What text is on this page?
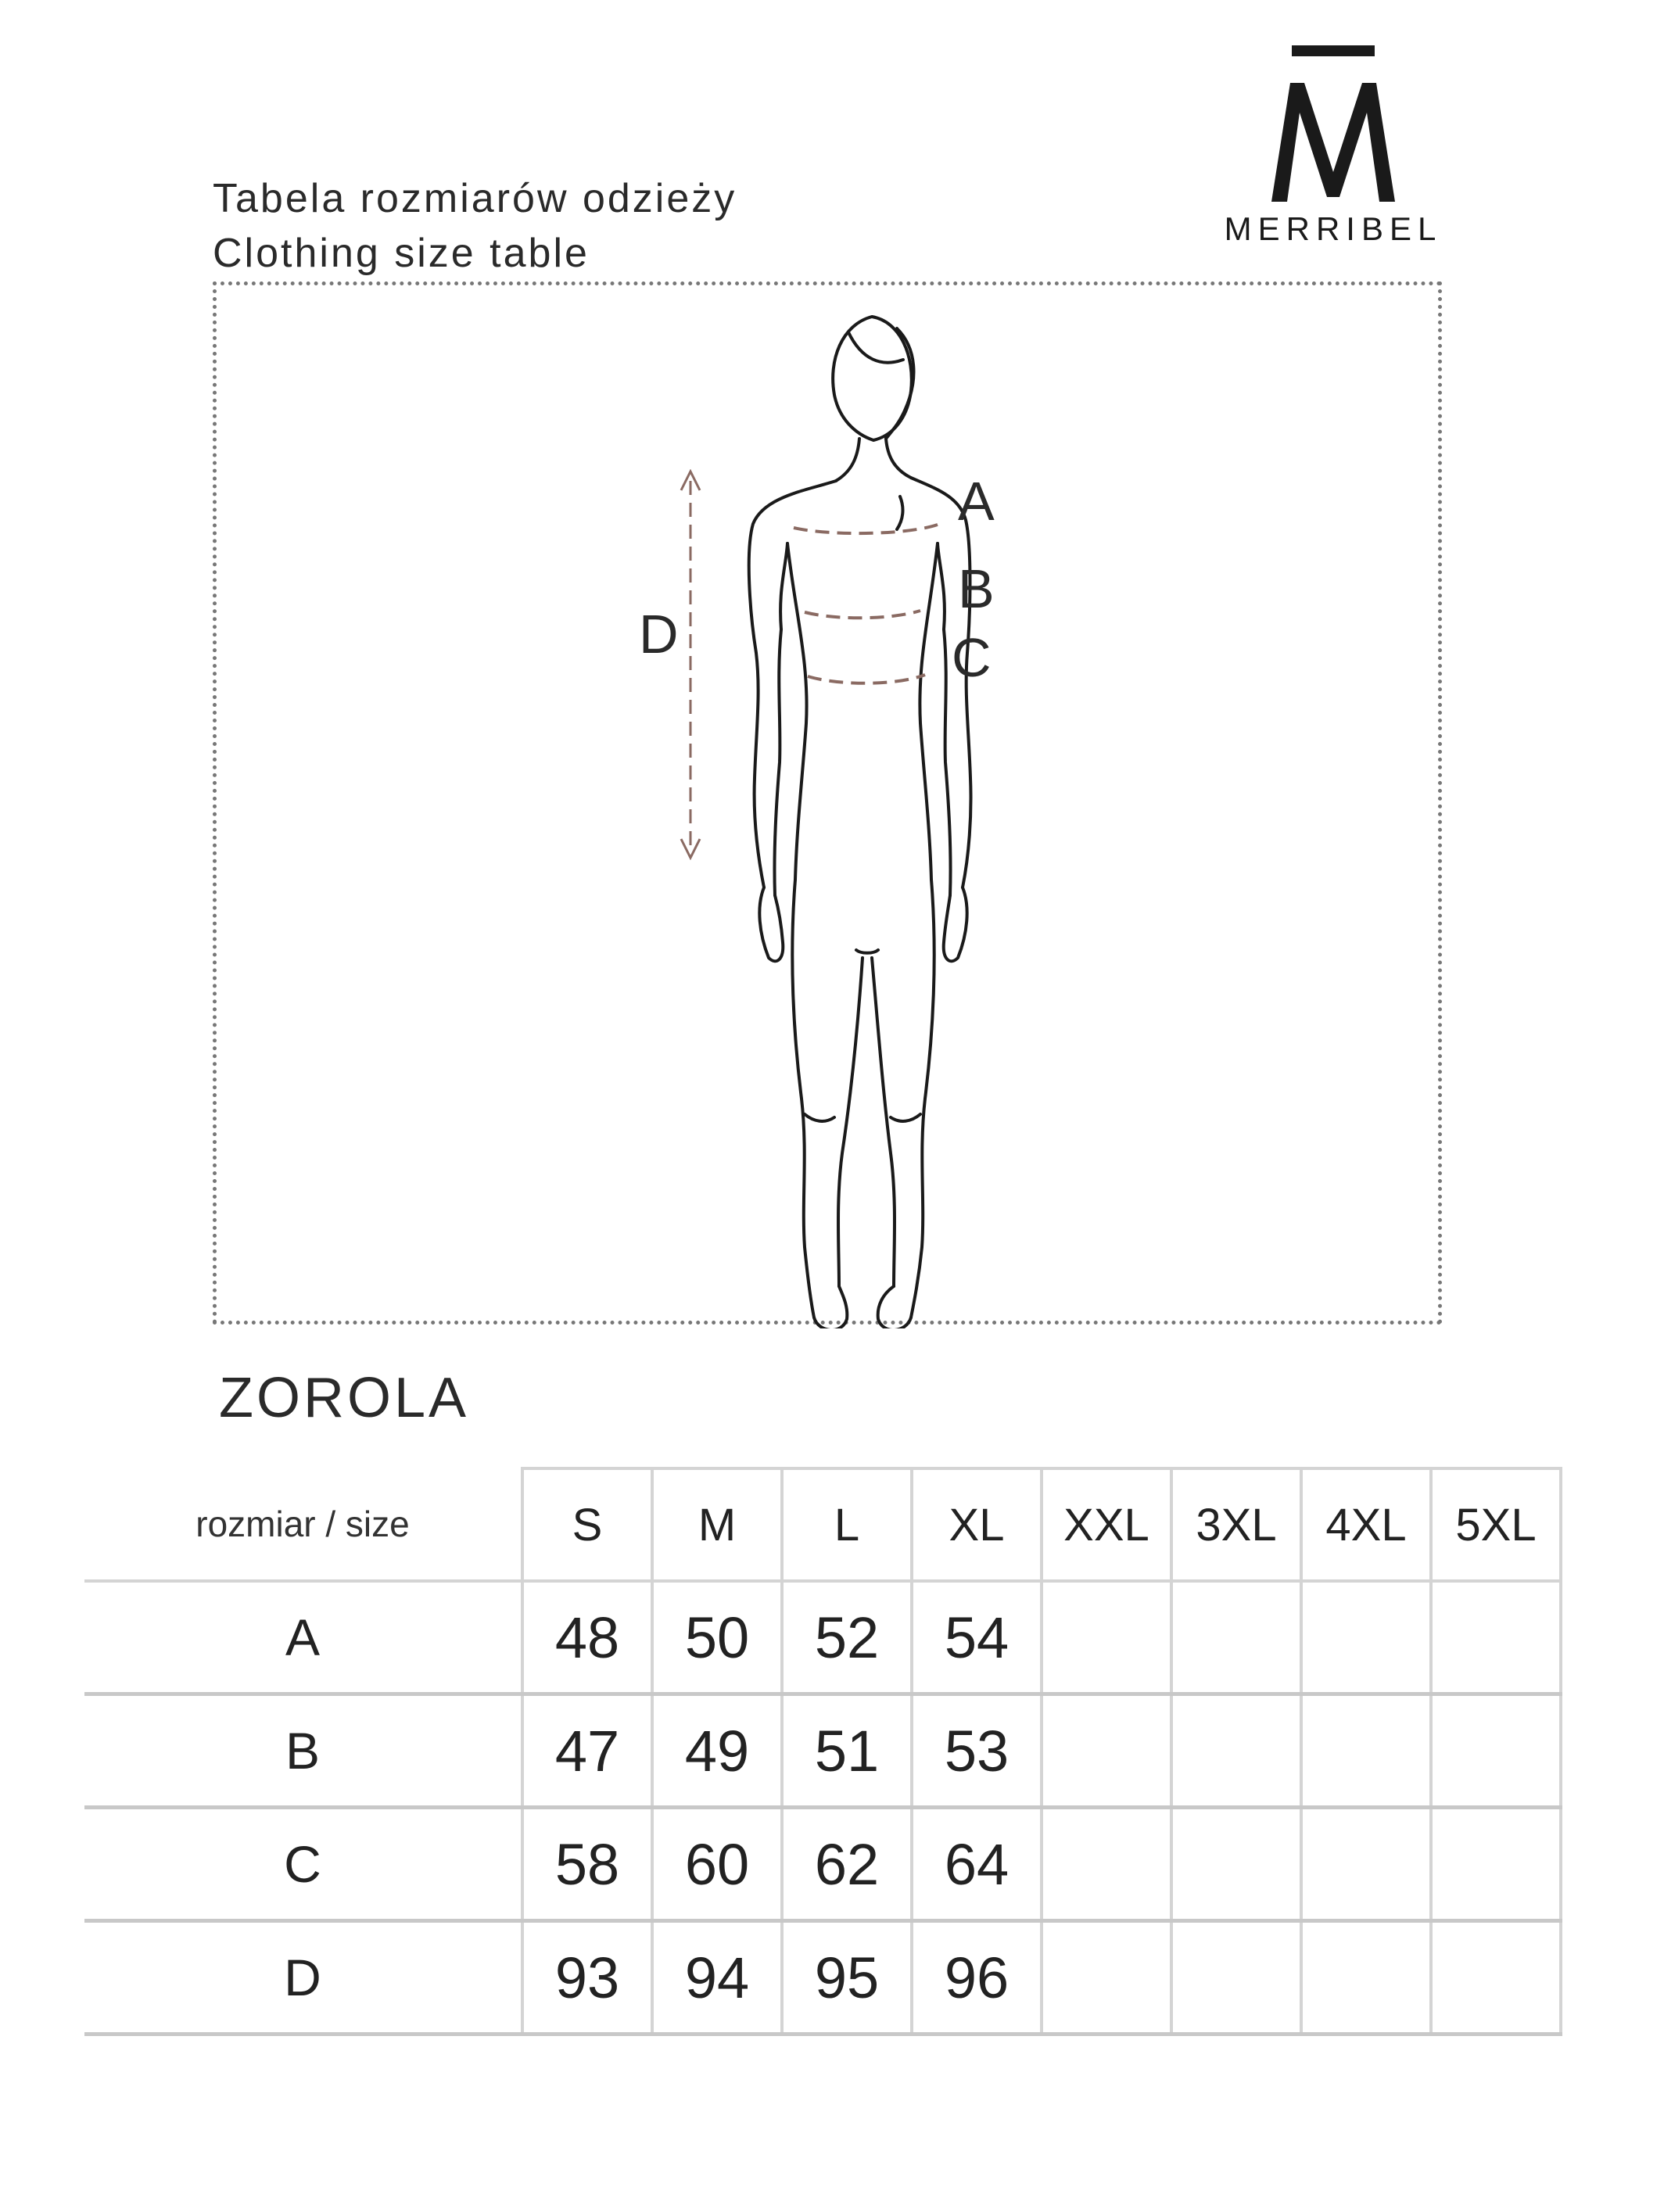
Tabela rozmiarów odzieży
Clothing size table
MERRIBEL
A
B
C
D
ZOROLA
rozmiar / size	S	M	L	XL	XXL	3XL	4XL	5XL
A	48	50	52	54				
B	47	49	51	53				
C	58	60	62	64				
D	93	94	95	96				
